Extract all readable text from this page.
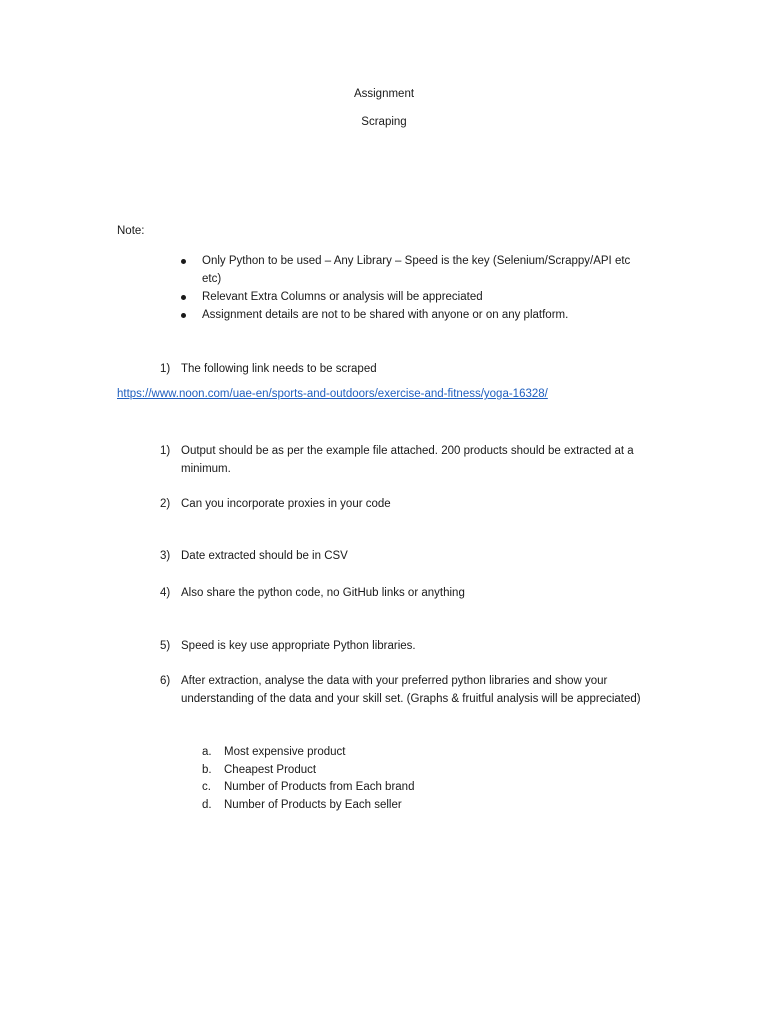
Assignment
Scraping
Note:
Only Python to be used – Any Library – Speed is the key (Selenium/Scrappy/API etc etc)
Relevant Extra Columns or analysis will be appreciated
Assignment details are not to be shared with anyone or on any platform.
1) The following link needs to be scraped
https://www.noon.com/uae-en/sports-and-outdoors/exercise-and-fitness/yoga-16328/
1) Output should be as per the example file attached. 200 products should be extracted at a minimum.
2) Can you incorporate proxies in your code
3) Date extracted should be in CSV
4) Also share the python code, no GitHub links or anything
5) Speed is key use appropriate Python libraries.
6) After extraction, analyse the data with your preferred python libraries and show your understanding of the data and your skill set. (Graphs & fruitful analysis will be appreciated)
a. Most expensive product
b. Cheapest Product
c. Number of Products from Each brand
d. Number of Products by Each seller
